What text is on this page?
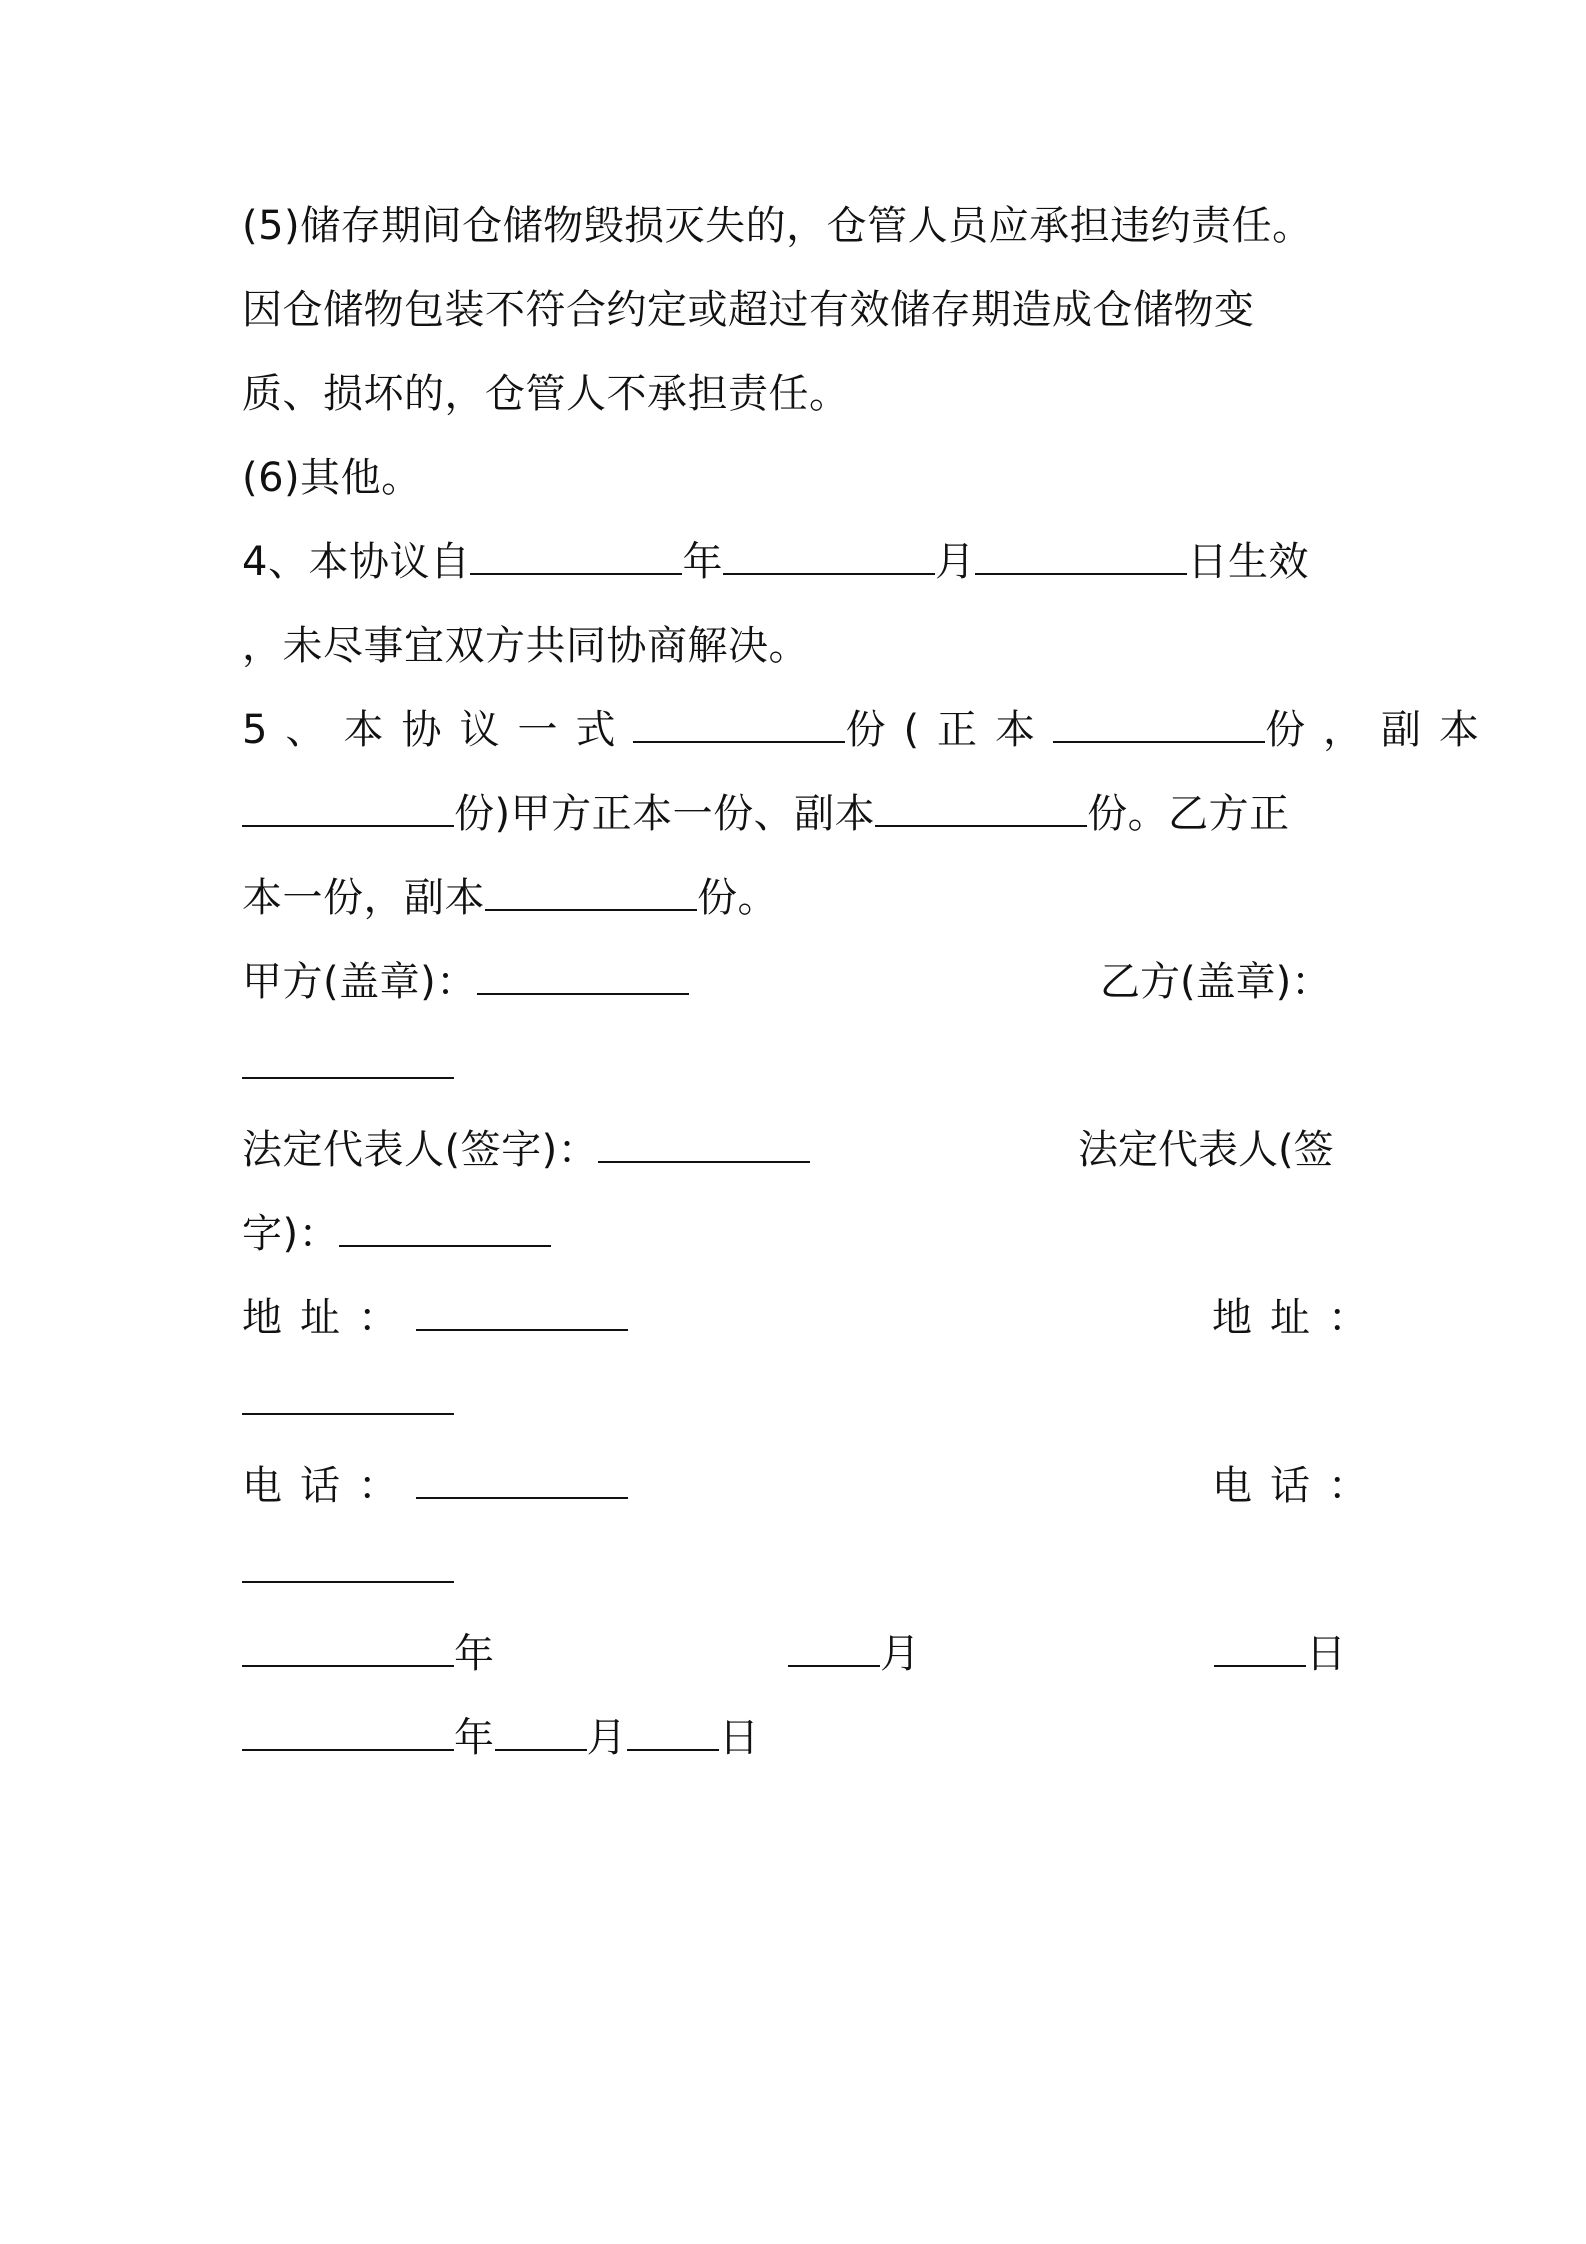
(5)储存期间仓储物毁损灭失的，仓管人员应承担违约责任。
因仓储物包装不符合约定或超过有效储存期造成仓储物变
质、损坏的，仓管人不承担责任。
(6)其他。
4、本协议自	年	月	日生效
，未尽事宜双方共同协商解决。
5、本协议一式	份(正本	份，副本
份)甲方正本一份、副本	份。乙方正
本一份，副本	份。
甲方(盖章)：	乙方(盖章)：
法定代表人(签字)：	法定代表人(签
字)：
地址：	地址：
电话：	电话：
年	月	日
年 月 日
